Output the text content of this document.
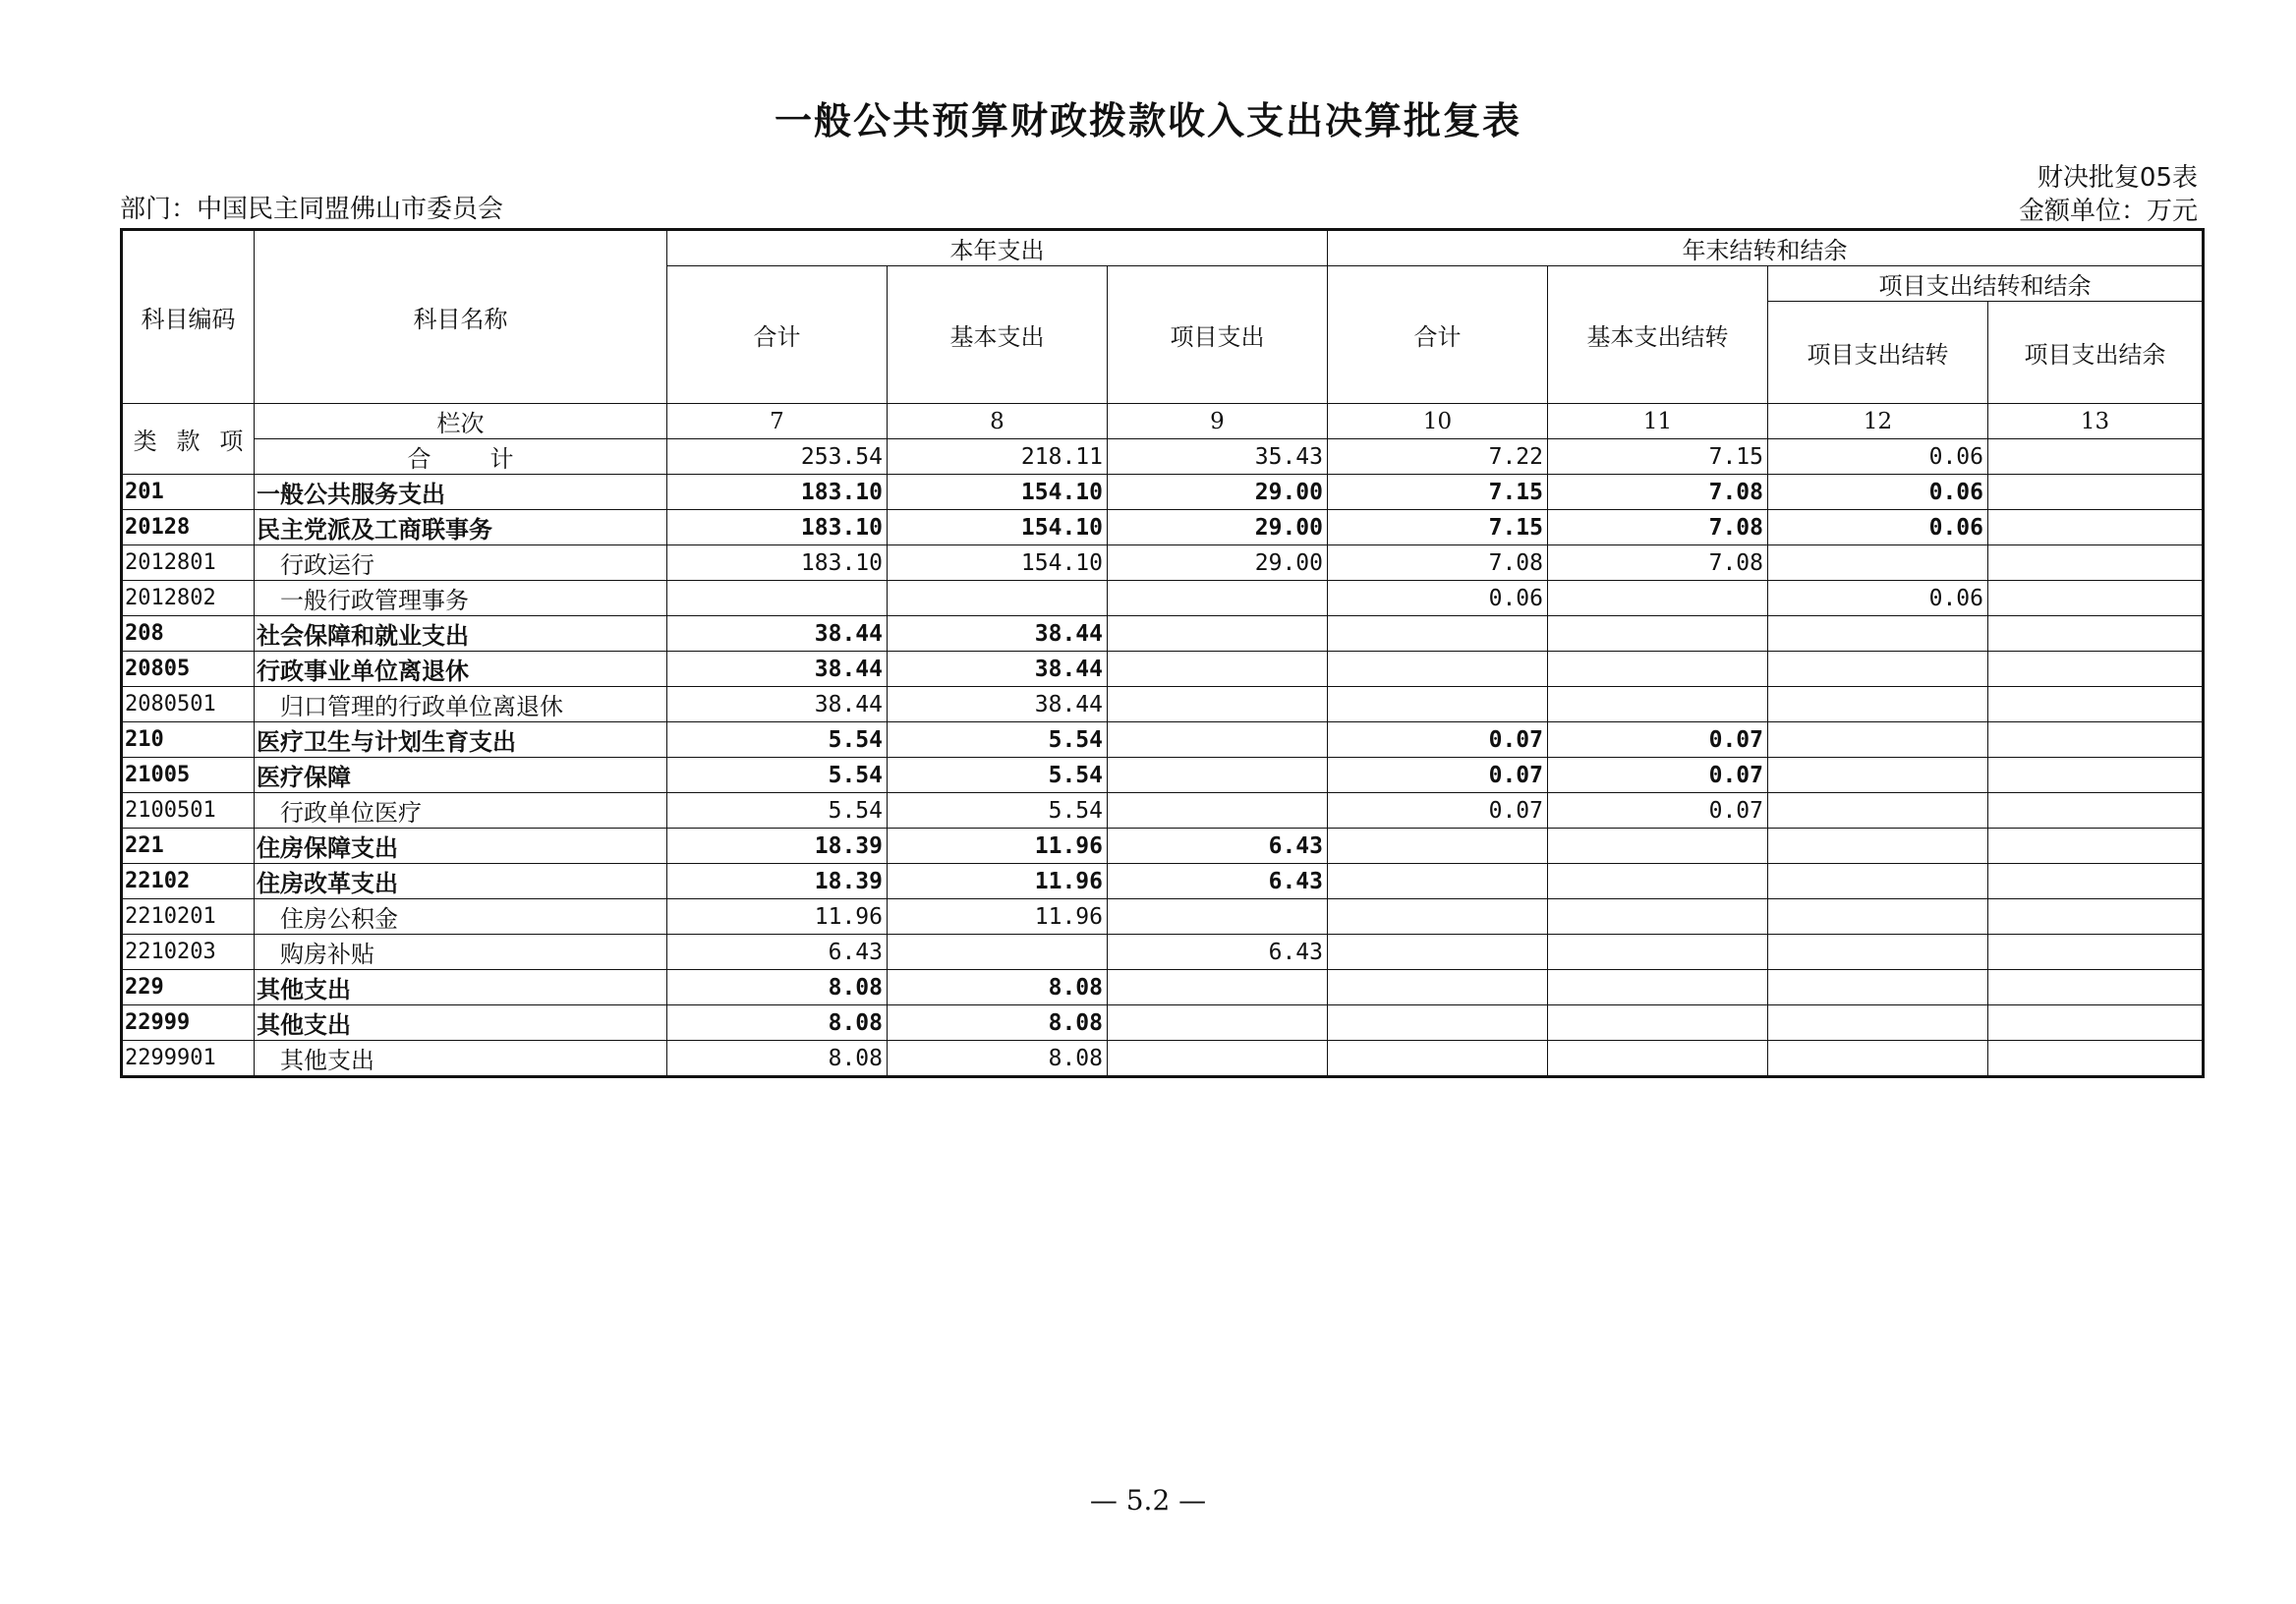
一般公共预算财政拨款收入支出决算批复表
财决批复05表
金额单位：万元
部门：中国民主同盟佛山市委员会
科目编码	科目名称	本年支出			年末结转和结余			
		合计	基本支出	项目支出	合计	基本支出结转	项目支出结转和结余	
							项目支出结转	项目支出结余
类 款 项	栏次	7	8	9	10	11	12	13
	合计	253.54	218.11	35.43	7.22	7.15	0.06	
201	一般公共服务支出	183.10	154.10	29.00	7.15	7.08	0.06	
20128	民主党派及工商联事务	183.10	154.10	29.00	7.15	7.08	0.06	
2012801	行政运行	183.10	154.10	29.00	7.08	7.08		
2012802	一般行政管理事务				0.06		0.06	
208	社会保障和就业支出	38.44	38.44					
20805	行政事业单位离退休	38.44	38.44					
2080501	归口管理的行政单位离退休	38.44	38.44					
210	医疗卫生与计划生育支出	5.54	5.54		0.07	0.07		
21005	医疗保障	5.54	5.54		0.07	0.07		
2100501	行政单位医疗	5.54	5.54		0.07	0.07		
221	住房保障支出	18.39	11.96	6.43				
22102	住房改革支出	18.39	11.96	6.43				
2210201	住房公积金	11.96	11.96					
2210203	购房补贴	6.43		6.43				
229	其他支出	8.08	8.08					
22999	其他支出	8.08	8.08					
2299901	其他支出	8.08	8.08					
— 5.2 —
